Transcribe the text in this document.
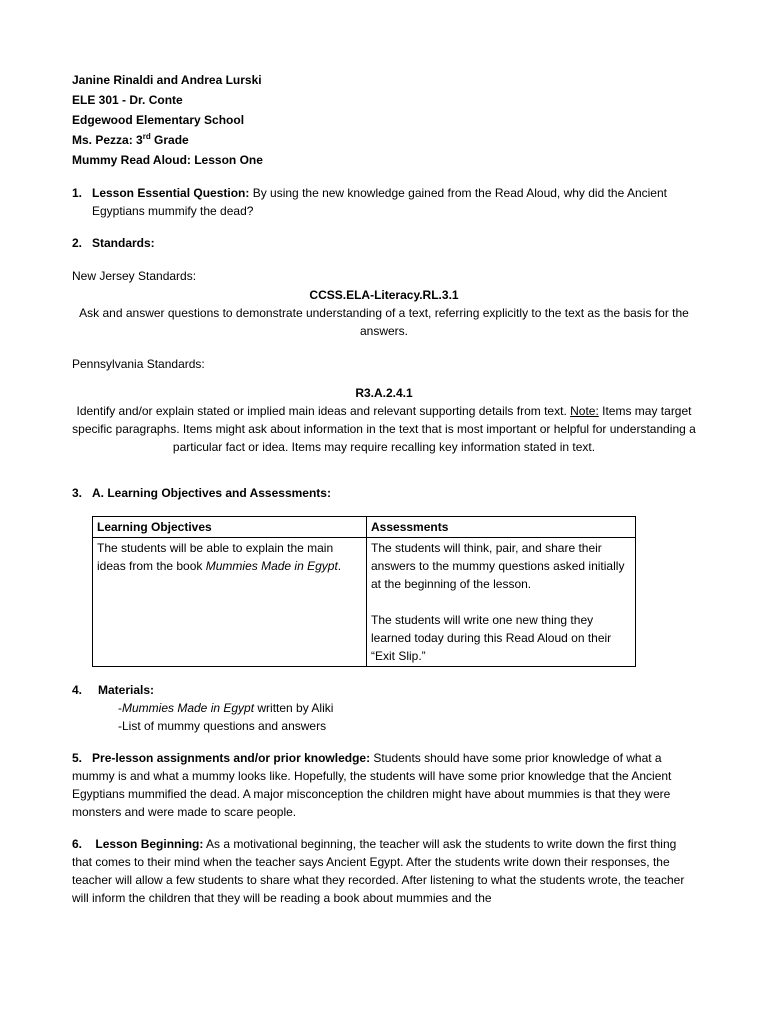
Janine Rinaldi and Andrea Lurski

ELE 301 - Dr. Conte

Edgewood Elementary School

Ms. Pezza: 3rd Grade

Mummy Read Aloud: Lesson One

1. Lesson Essential Question: By using the new knowledge gained from the Read Aloud, why did the Ancient Egyptians mummify the dead?
2. Standards:
New Jersey Standards:
CCSS.ELA-Literacy.RL.3.1
Ask and answer questions to demonstrate understanding of a text, referring explicitly to the text as the basis for the answers.
Pennsylvania Standards:
R3.A.2.4.1
Identify and/or explain stated or implied main ideas and relevant supporting details from text. Note: Items may target specific paragraphs. Items might ask about information in the text that is most important or helpful for understanding a particular fact or idea. Items may require recalling key information stated in text.
3. A. Learning Objectives and Assessments:
Learning Objectives	Assessments
The students will be able to explain the main ideas from the book Mummies Made in Egypt.	The students will think, pair, and share their answers to the mummy questions asked initially at the beginning of the lesson.
The students will write one new thing they learned today during this Read Aloud on their “Exit Slip.”
4. Materials:
-Mummies Made in Egypt written by Aliki
-List of mummy questions and answers
5. Pre-lesson assignments and/or prior knowledge: Students should have some prior knowledge of what a mummy is and what a mummy looks like. Hopefully, the students will have some prior knowledge that the Ancient Egyptians mummified the dead. A major misconception the children might have about mummies is that they were monsters and were made to scare people.
6. Lesson Beginning: As a motivational beginning, the teacher will ask the students to write down the first thing that comes to their mind when the teacher says Ancient Egypt. After the students write down their responses, the teacher will allow a few students to share what they recorded. After listening to what the students wrote, the teacher will inform the children that they will be reading a book about mummies and the
